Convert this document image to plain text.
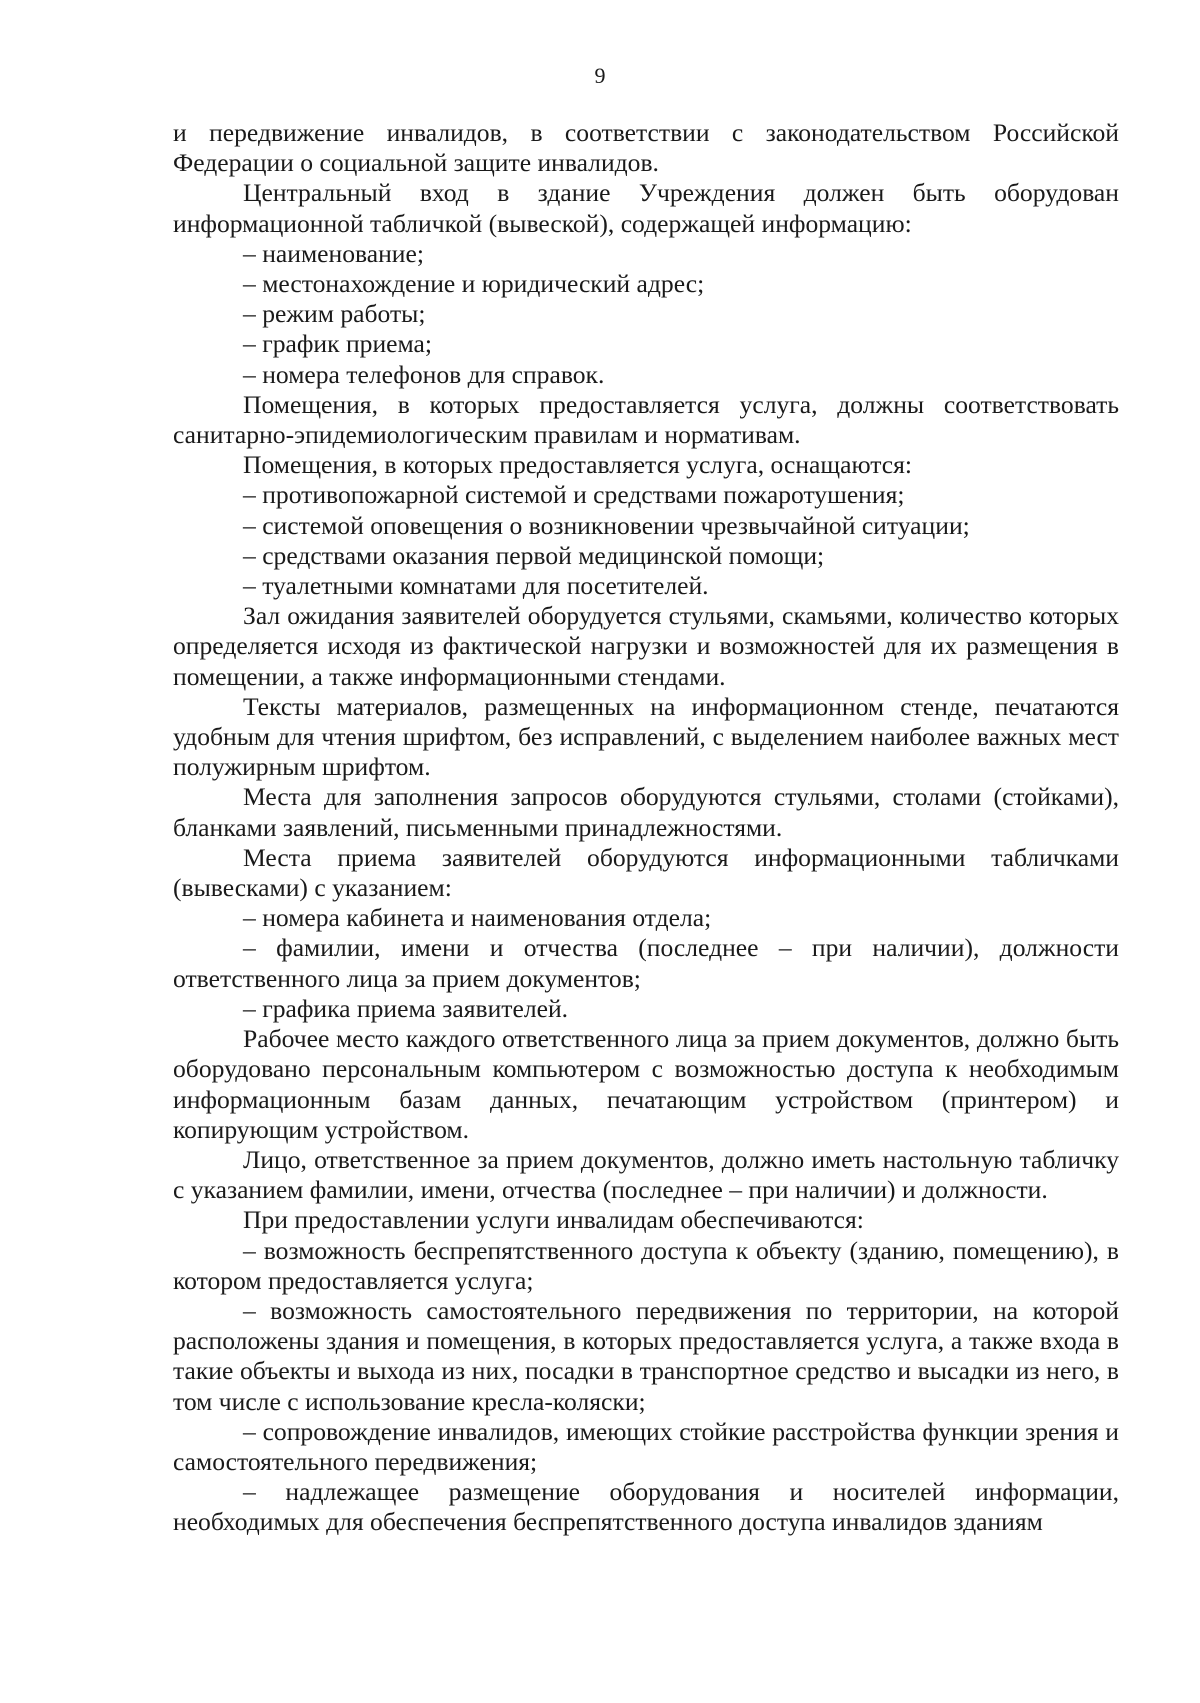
9

и передвижение инвалидов, в соответствии с законодательством Российской Федерации о социальной защите инвалидов.

Центральный вход в здание Учреждения должен быть оборудован информационной табличкой (вывеской), содержащей информацию:

– наименование;

– местонахождение и юридический адрес;

– режим работы;

– график приема;

– номера телефонов для справок.

Помещения, в которых предоставляется услуга, должны соответствовать санитарно-эпидемиологическим правилам и нормативам.

Помещения, в которых предоставляется услуга, оснащаются:

– противопожарной системой и средствами пожаротушения;

– системой оповещения о возникновении чрезвычайной ситуации;

– средствами оказания первой медицинской помощи;

– туалетными комнатами для посетителей.

Зал ожидания заявителей оборудуется стульями, скамьями, количество которых определяется исходя из фактической нагрузки и возможностей для их размещения в помещении, а также информационными стендами.

Тексты материалов, размещенных на информационном стенде, печатаются удобным для чтения шрифтом, без исправлений, с выделением наиболее важных мест полужирным шрифтом.

Места для заполнения запросов оборудуются стульями, столами (стойками), бланками заявлений, письменными принадлежностями.

Места приема заявителей оборудуются информационными табличками (вывесками) с указанием:

– номера кабинета и наименования отдела;

– фамилии, имени и отчества (последнее – при наличии), должности ответственного лица за прием документов;

– графика приема заявителей.

Рабочее место каждого ответственного лица за прием документов, должно быть оборудовано персональным компьютером с возможностью доступа к необходимым информационным базам данных, печатающим устройством (принтером) и копирующим устройством.

Лицо, ответственное за прием документов, должно иметь настольную табличку с указанием фамилии, имени, отчества (последнее – при наличии) и должности.

При предоставлении услуги инвалидам обеспечиваются:

– возможность беспрепятственного доступа к объекту (зданию, помещению), в котором предоставляется услуга;

– возможность самостоятельного передвижения по территории, на которой расположены здания и помещения, в которых предоставляется услуга, а также входа в такие объекты и выхода из них, посадки в транспортное средство и высадки из него, в том числе с использование кресла-коляски;

– сопровождение инвалидов, имеющих стойкие расстройства функции зрения и самостоятельного передвижения;

– надлежащее размещение оборудования и носителей информации, необходимых для обеспечения беспрепятственного доступа инвалидов зданиям
